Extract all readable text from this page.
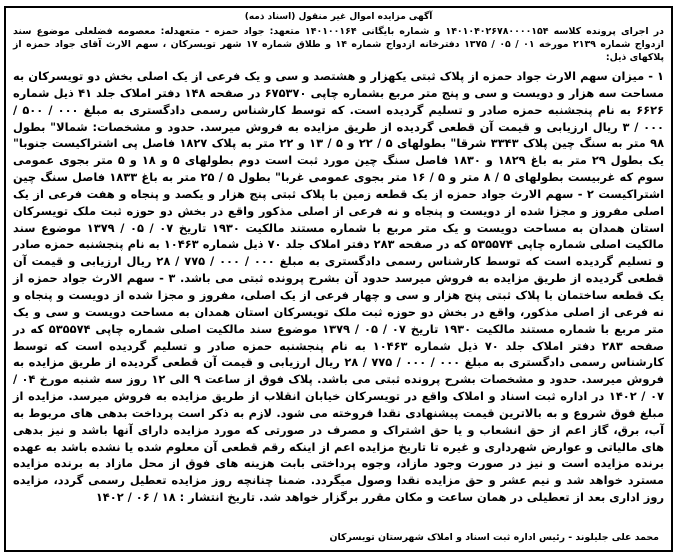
آگهی مزایده اموال غیر منقول (اسناد ذمه)
در اجرای پرونده کلاسه ۱۴۰۱۰۴۰۲۶۷۸۰۰۰۰۱۵۴ و شماره بایگانی ۱۴۰۱۰۰۱۶۴ متعهد: جواد حمزه - متعهدله: معصومه فضلعلی موضوع سند ازدواج شماره ۲۱۳۹ مورخه ۰۱ / ۰۵ / ۱۳۷۵ دفترخانه ازدواج شماره ۱۴ و طلاق شماره ۱۷ شهر تویسرکان ، سهم الارث آقای جواد حمزه از پلاکهای ذیل:
۱ - میزان سهم الارث جواد حمزه از پلاک ثبتی یکهزار و هشتصد و سی و یک فرعی از یک اصلی بخش دو تویسرکان به مساحت سه هزار و دویست و سی و پنج متر مربع بشماره چاپی ۶۷۵۳۷۰ در صفحه ۱۴۸ دفتر املاک جلد ۴۱ ذیل شماره ۶۶۲۶ به نام پنجشنبه حمزه صادر و تسلیم گردیده است. که توسط کارشناس رسمی دادگستری به مبلغ ۰۰۰ / ۵۰۰ / ۰۰۰ / ۳ ریال ارزیابی و قیمت آن قطعی گردیده از طریق مزایده به فروش میرسد. حدود و مشخصات: شمالا" بطول ۹۸ متر به سنگ چین پلاک ۳۳۴۳ شرقا" بطولهای ۵ / ۲۲ و ۵ / ۱۳ و ۲۲ متر به پلاک ۱۸۲۷ فاصل پی اشتراکیست جنوبا" یک بطول ۲۹ متر به باغ ۱۸۲۹ و ۱۸۳۰ فاصل سنگ چین مورد ثبت است دوم بطولهای ۵ و ۱۸ و ۵ متر بجوی عمومی سوم که غربیست بطولهای ۵ / ۸ متر و ۵ / ۱۶ متر بجوی عمومی غربا" بطول ۵ / ۲۵ متر به باغ ۱۸۳۳ فاصل سنگ چین اشتراکیست ۲ - سهم الارث جواد حمزه از یک قطعه زمین با پلاک ثبتی پنج هزار و یکصد و پنجاه و هفت فرعی از یک اصلی مفروز و مجزا شده از دویست و پنجاه و نه فرعی از اصلی مذکور واقع در بخش دو حوزه ثبت ملک تویسرکان استان همدان به مساحت دویست و یک متر مربع با شماره مستند مالکیت ۱۹۳۰ تاریخ ۰۷ / ۰۵ / ۱۳۷۹ موضوع سند مالکیت اصلی شماره چاپی ۵۳۵۵۷۴ که در صفحه ۲۸۳ دفتر املاک جلد ۷۰ ذیل شماره ۱۰۴۶۳ به نام پنجشنبه حمزه صادر و تسلیم گردیده است که توسط کارشناس رسمی دادگستری به مبلغ ۰۰۰ / ۰۰۰ / ۷۷۵ / ۲۸ ریال ارزیابی و قیمت آن قطعی گردیده از طریق مزایده به فروش میرسد حدود آن بشرح پرونده ثبتی می باشد. ۳ - سهم الارث جواد حمزه از یک قطعه ساختمان با پلاک ثبتی پنج هزار و سی و چهار فرعی از یک اصلی، مفروز و مجزا شده از دویست و پنجاه و نه فرعی از اصلی مذکور، واقع در بخش دو حوزه ثبت ملک تویسرکان استان همدان به مساحت دویست و سی و یک متر مربع با شماره مستند مالکیت ۱۹۳۰ تاریخ ۰۷ / ۰۵ / ۱۳۷۹ موضوع سند مالکیت اصلی شماره چاپی ۵۳۵۵۷۴ که در صفحه ۲۸۳ دفتر املاک جلد ۷۰ ذیل شماره ۱۰۴۶۳ به نام پنجشنبه حمزه صادر و تسلیم گردیده است که توسط کارشناس رسمی دادگستری به مبلغ ۰۰۰ / ۰۰۰ / ۷۷۵ / ۲۸ ریال ارزیابی و قیمت آن قطعی گردیده از طریق مزایده به فروش میرسد. حدود و مشخصات بشرح پرونده ثبتی می باشد. پلاک فوق از ساعت ۹ الی ۱۲ روز سه شنبه مورخ ۰۴ / ۰۷ / ۱۴۰۲ در اداره ثبت اسناد و املاک واقع در تویسرکان خیابان انقلاب از طریق مزایده به فروش میرسد. مزایده از مبلغ فوق شروع و به بالاترین قیمت پیشنهادی نقدا فروخته می شود. لازم به ذکر است پرداخت بدهی های مربوط به آب، برق، گاز اعم از حق انشعاب و یا حق اشتراک و مصرف در صورتی که مورد مزایده دارای آنها باشد و نیز بدهی های مالیاتی و عوارض شهرداری و غیره تا تاریخ مزایده اعم از اینکه رقم قطعی آن معلوم شده یا نشده باشد به عهده برنده مزایده است و نیز در صورت وجود مازاد، وجوه پرداختی بابت هزینه های فوق از محل مازاد به برنده مزایده مسترد خواهد شد و نیم عشر و حق مزایده نقدا وصول میگردد. ضمنا چنانچه روز مزایده تعطیل رسمی گردد، مزایده روز اداری بعد از تعطیلی در همان ساعت و مکان مقرر برگزار خواهد شد. تاریخ انتشار : ۱۸ / ۰۶ / ۱۴۰۲
محمد علی جلیلوند - رئیس اداره ثبت اسناد و املاک شهرستان تویسرکان
